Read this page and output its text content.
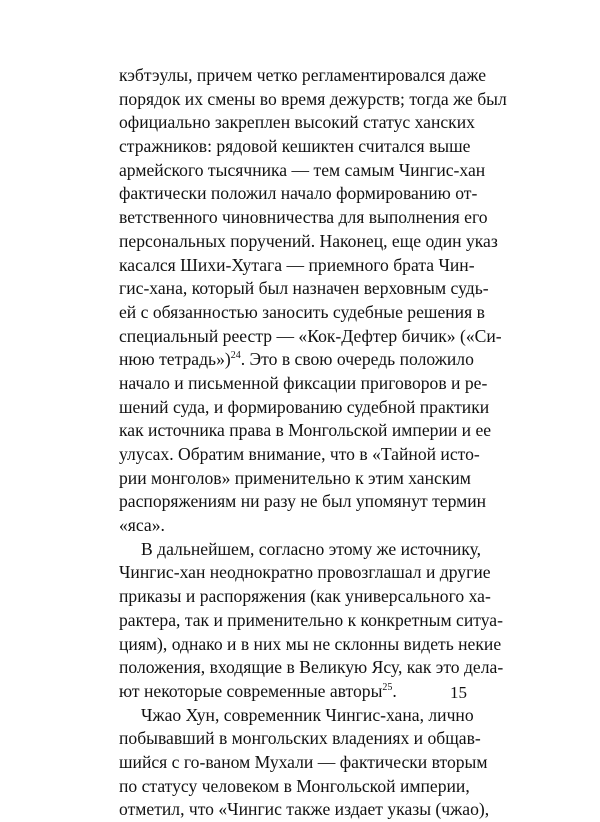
кэбтэулы, причем четко регламентировался даже
порядок их смены во время дежурств; тогда же был
официально закреплен высокий статус ханских
стражников: рядовой кешиктен считался выше
армейского тысячника — тем самым Чингис-хан
фактически положил начало формированию от-
ветственного чиновничества для выполнения его
персональных поручений. Наконец, еще один указ
касался Шихи-Хутага — приемного брата Чин-
гис-хана, который был назначен верховным судь-
ей с обязанностью заносить судебные решения в
специальный реестр — «Кок-Дефтер бичик» («Си-
нюю тетрадь»)$^{24}$. Это в свою очередь положило
начало и письменной фиксации приговоров и ре-
шений суда, и формированию судебной практики
как источника права в Монгольской империи и ее
улусах. Обратим внимание, что в «Тайной исто-
рии монголов» применительно к этим ханским
распоряжениям ни разу не был упомянут термин
«яса».
В дальнейшем, согласно этому же источнику,
Чингис-хан неоднократно провозглашал и другие
приказы и распоряжения (как универсального ха-
рактера, так и применительно к конкретным ситуа-
циям), однако и в них мы не склонны видеть некие
положения, входящие в Великую Ясу, как это дела-
ют некоторые современные авторы$^{25}$.
Чжао Хун, современник Чингис-хана, лично
побывавший в монгольских владениях и общав-
шийся с го-ваном Мухали — фактически вторым
по статусу человеком в Монгольской империи,
отметил, что «Чингис также издает указы (чжао),
15
